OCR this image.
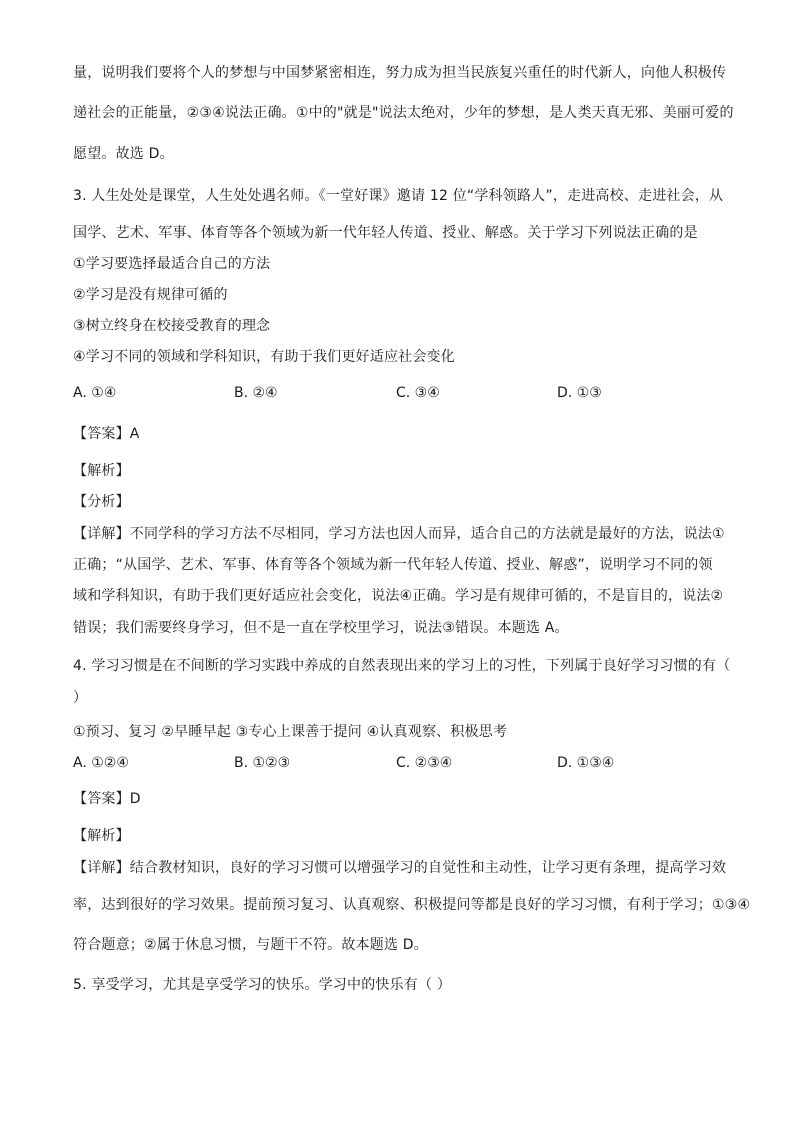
量，说明我们要将个人的梦想与中国梦紧密相连，努力成为担当民族复兴重任的时代新人，向他人积极传
递社会的正能量，②③④说法正确。①中的"就是"说法太绝对，少年的梦想，是人类天真无邪、美丽可爱的
愿望。故选 D。
3. 人生处处是课堂，人生处处遇名师。《一堂好课》邀请 12 位“学科领路人”，走进高校、走进社会，从
国学、艺术、军事、体育等各个领域为新一代年轻人传道、授业、解惑。关于学习下列说法正确的是
①学习要选择最适合自己的方法
②学习是没有规律可循的
③树立终身在校接受教育的理念
④学习不同的领域和学科知识，有助于我们更好适应社会变化
A. ①④	B. ②④	C. ③④	D. ①③
【答案】A
【解析】
【分析】
【详解】不同学科的学习方法不尽相同，学习方法也因人而异，适合自己的方法就是最好的方法，说法①
正确；“从国学、艺术、军事、体育等各个领域为新一代年轻人传道、授业、解惑”，说明学习不同的领
域和学科知识，有助于我们更好适应社会变化，说法④正确。学习是有规律可循的，不是盲目的，说法②
错误；我们需要终身学习，但不是一直在学校里学习，说法③错误。本题选 A。
4. 学习习惯是在不间断的学习实践中养成的自然表现出来的学习上的习性，下列属于良好学习习惯的有（
）
①预习、复习 ②早睡早起 ③专心上课善于提问 ④认真观察、积极思考
A. ①②④	B. ①②③	C. ②③④	D. ①③④
【答案】D
【解析】
【详解】结合教材知识，良好的学习习惯可以增强学习的自觉性和主动性，让学习更有条理，提高学习效
率，达到很好的学习效果。提前预习复习、认真观察、积极提问等都是良好的学习习惯，有利于学习；①③④
符合题意；②属于休息习惯，与题干不符。故本题选 D。
5. 享受学习，尤其是享受学习的快乐。学习中的快乐有（ ）
